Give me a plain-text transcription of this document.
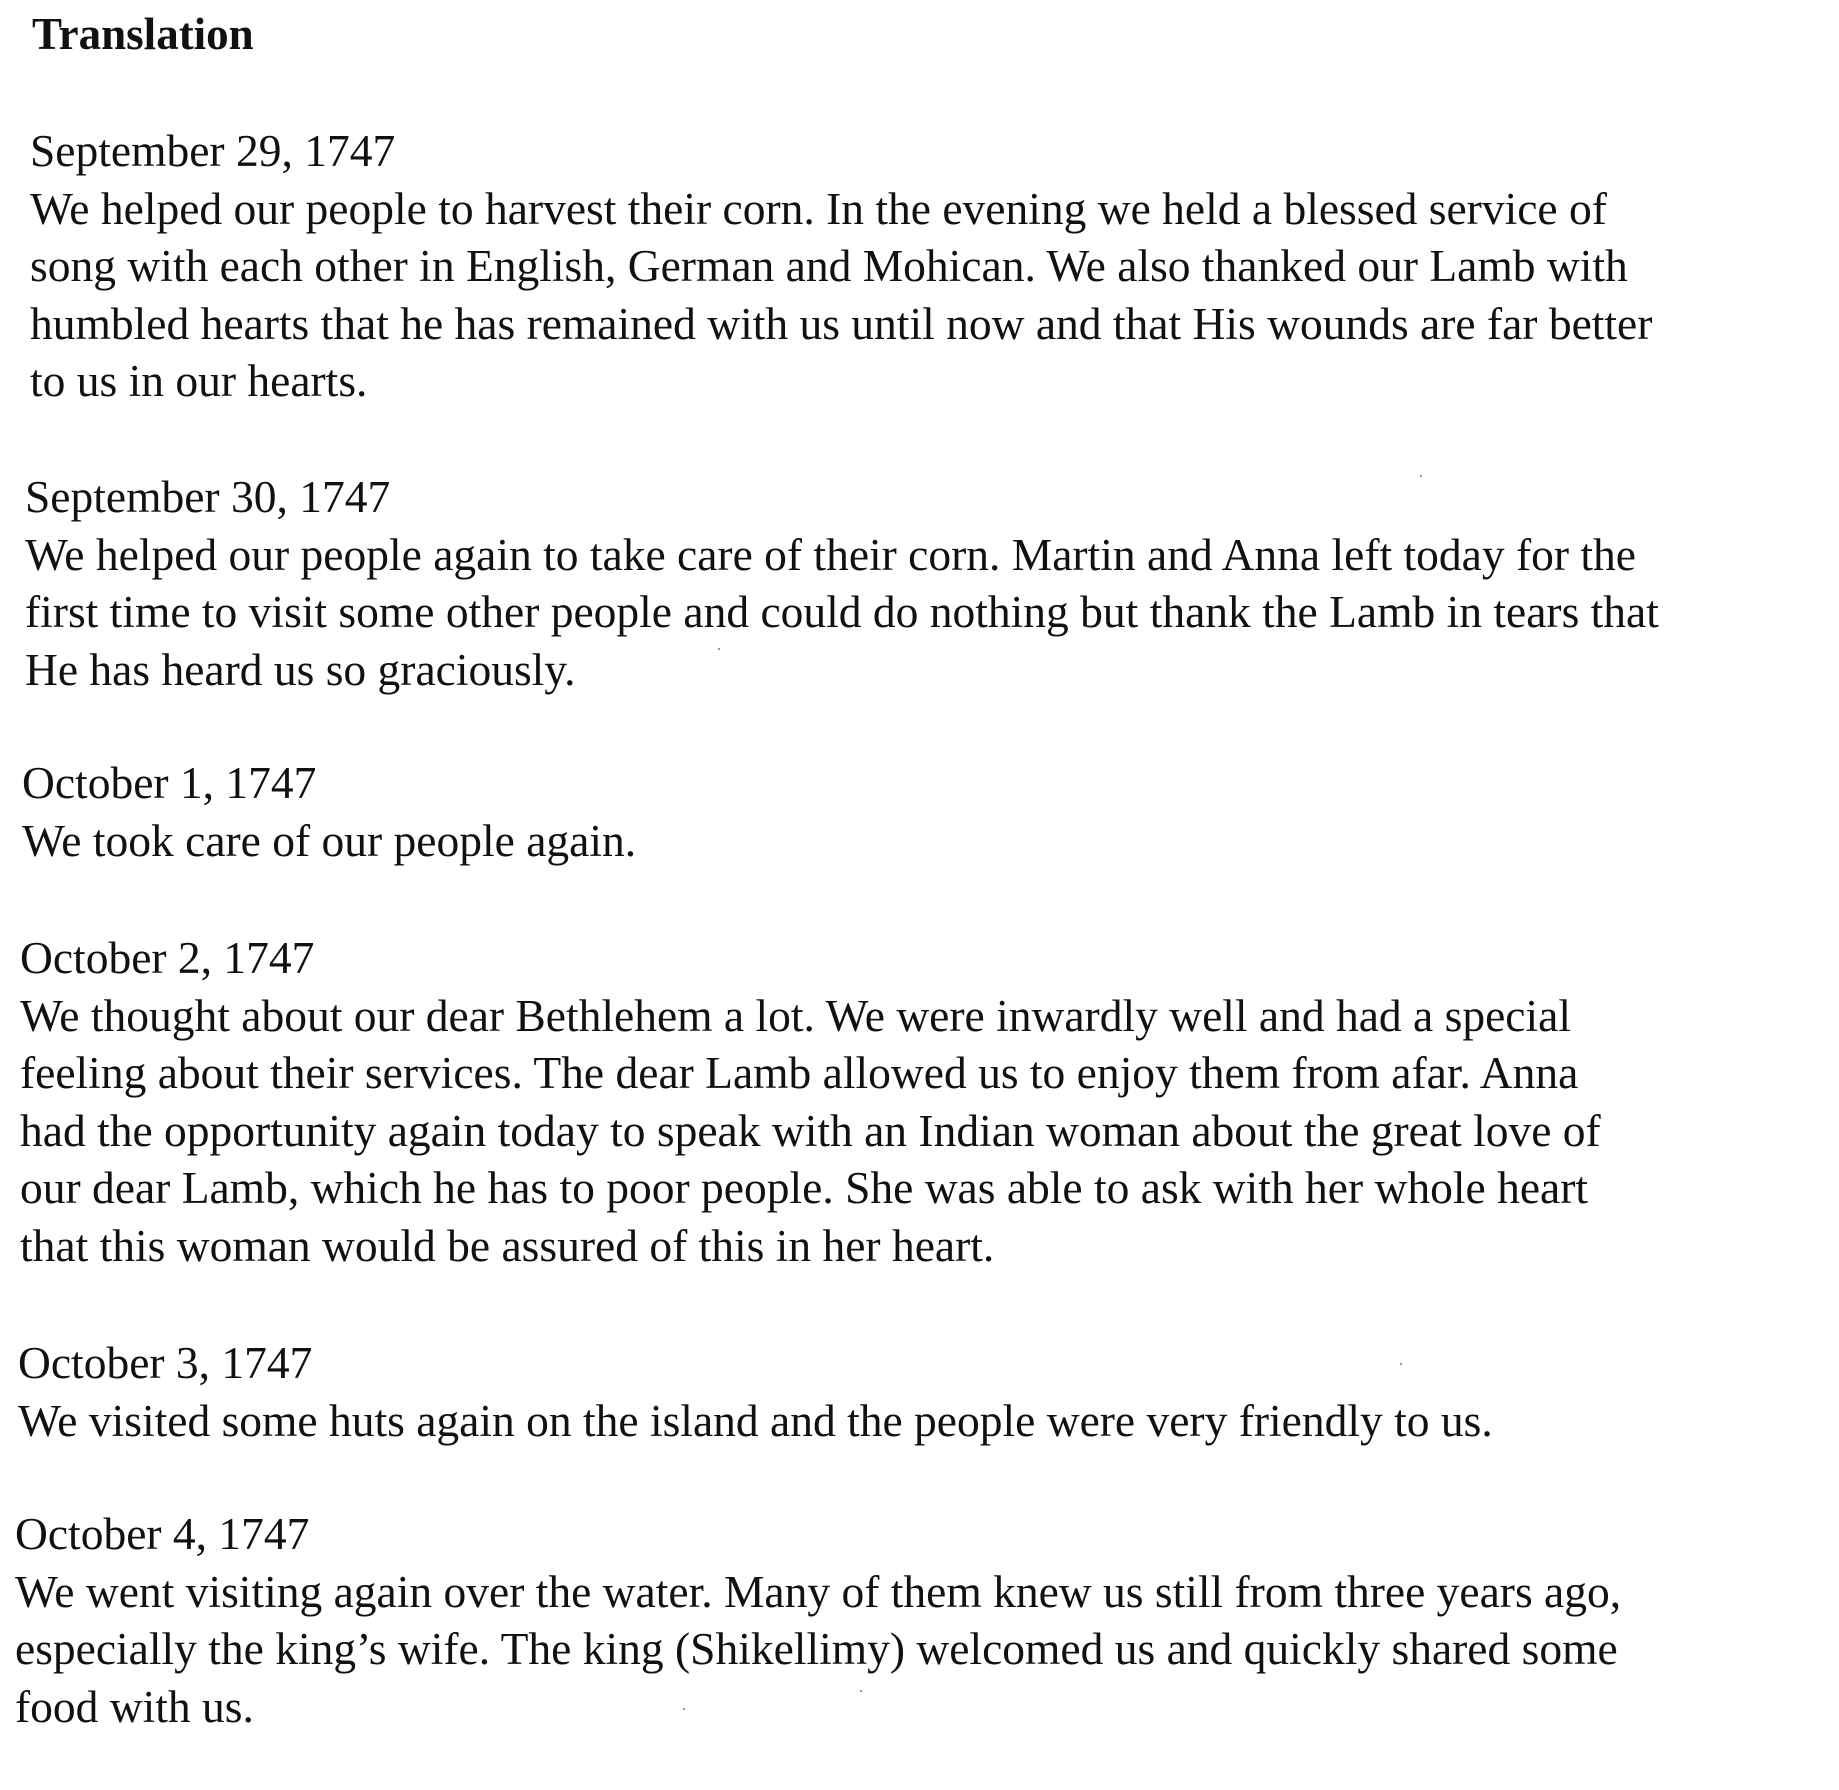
Translation
September 29, 1747
We helped our people to harvest their corn. In the evening we held a blessed service of
song with each other in English, German and Mohican. We also thanked our Lamb with
humbled hearts that he has remained with us until now and that His wounds are far better
to us in our hearts.
September 30, 1747
We helped our people again to take care of their corn. Martin and Anna left today for the
first time to visit some other people and could do nothing but thank the Lamb in tears that
He has heard us so graciously.
October 1, 1747
We took care of our people again.
October 2, 1747
We thought about our dear Bethlehem a lot. We were inwardly well and had a special
feeling about their services. The dear Lamb allowed us to enjoy them from afar. Anna
had the opportunity again today to speak with an Indian woman about the great love of
our dear Lamb, which he has to poor people. She was able to ask with her whole heart
that this woman would be assured of this in her heart.
October 3, 1747
We visited some huts again on the island and the people were very friendly to us.
October 4, 1747
We went visiting again over the water. Many of them knew us still from three years ago,
especially the king’s wife. The king (Shikellimy) welcomed us and quickly shared some
food with us.
